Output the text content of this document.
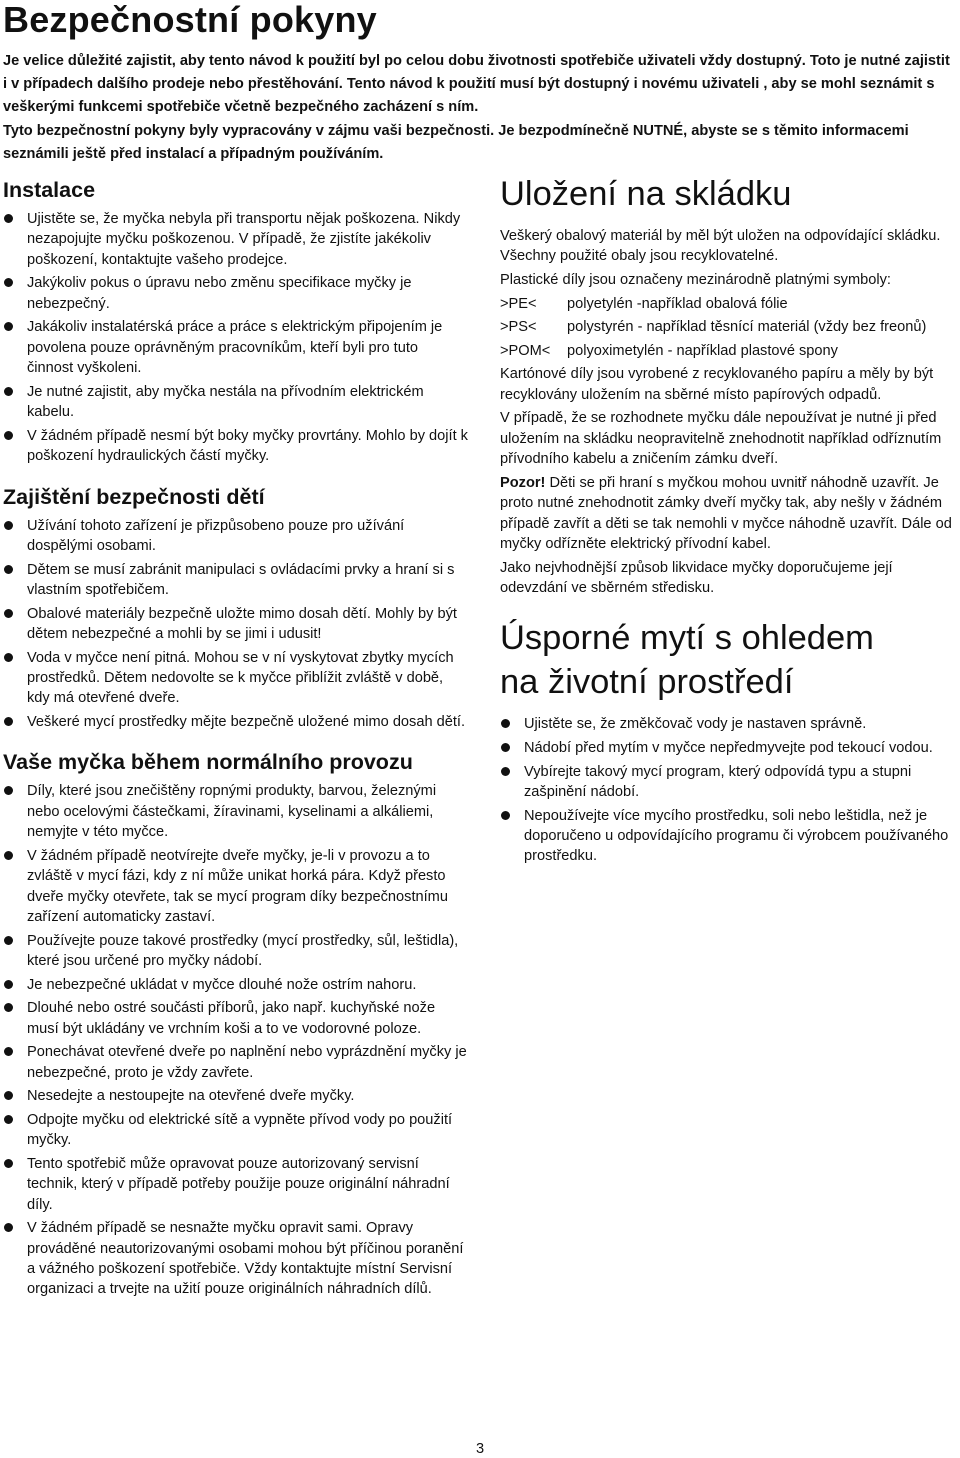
Bezpečnostní pokyny

Je velice důležité zajistit, aby tento návod k použití byl po celou dobu životnosti spotřebiče uživateli vždy dostupný. Toto je nutné zajistit i v případech dalšího prodeje nebo přestěhování. Tento návod k použití musí být dostupný i novému uživateli , aby se mohl seznámit s veškerými funkcemi spotřebiče včetně bezpečného zacházení s ním.

Tyto bezpečnostní pokyny byly vypracovány v zájmu vaši bezpečnosti. Je bezpodmínečně NUTNÉ, abyste se s těmito informacemi seznámili ještě před instalací a případným používáním.

Instalace
Ujistěte se, že myčka nebyla při transportu nějak poškozena. Nikdy nezapojujte myčku poškozenou. V případě, že zjistíte jakékoliv poškození, kontaktujte vašeho prodejce.
Jakýkoliv pokus o úpravu nebo změnu specifikace myčky je nebezpečný.
Jakákoliv instalatérská práce a práce s elektrickým připojením je povolena pouze oprávněným pracovníkům, kteří byli pro tuto činnost vyškoleni.
Je nutné zajistit, aby myčka nestála na přívodním elektrickém kabelu.
V žádném případě nesmí být boky myčky provrtány. Mohlo by dojít k poškození hydraulických částí myčky.
Zajištění bezpečnosti dětí
Užívání tohoto zařízení je přizpůsobeno pouze pro užívání dospělými osobami.
Dětem se musí zabránit manipulaci s ovládacími prvky a hraní si s vlastním spotřebičem.
Obalové materiály bezpečně uložte mimo dosah dětí. Mohly by být dětem nebezpečné a mohli by se jimi i udusit!
Voda v myčce není pitná. Mohou se v ní vyskytovat zbytky mycích prostředků. Dětem nedovolte se k myčce přiblížit zvláště v době, kdy má otevřené dveře.
Veškeré mycí prostředky mějte bezpečně uložené mimo dosah dětí.
Vaše myčka během normálního provozu
Díly, které jsou znečištěny ropnými produkty, barvou, železnými nebo ocelovými částečkami, žíravinami, kyselinami a alkáliemi, nemyjte v této myčce.
V žádném případě neotvírejte dveře myčky, je-li v provozu a to zvláště v mycí fázi, kdy z ní může unikat horká pára. Když přesto dveře myčky otevřete, tak se mycí program díky bezpečnostnímu zařízení automaticky zastaví.
Používejte pouze takové prostředky (mycí prostředky, sůl, leštidla), které jsou určené pro myčky nádobí.
Je nebezpečné ukládat v myčce dlouhé nože ostrím nahoru.
Dlouhé nebo ostré součásti příborů, jako např. kuchyňské nože musí být ukládány ve vrchním koši a to ve vodorovné poloze.
Ponechávat otevřené dveře po naplnění nebo vyprázdnění myčky je nebezpečné, proto je vždy zavřete.
Nesedejte a nestoupejte na otevřené dveře myčky.
Odpojte myčku od elektrické sítě a vypněte přívod vody po použití myčky.
Tento spotřebič může opravovat pouze autorizovaný servisní technik, který v případě potřeby použije pouze originální náhradní díly.
V žádném případě se nesnažte myčku opravit sami. Opravy prováděné neautorizovanými osobami mohou být příčinou poranění a vážného poškození spotřebiče. Vždy kontaktujte místní Servisní organizaci a trvejte na užití pouze originálních náhradních dílů.
Uložení na skládku

Veškerý obalový materiál by měl být uložen na odpovídající skládku. Všechny použité obaly jsou recyklovatelné.

Plastické díly jsou označeny mezinárodně platnými symboly:

>PE<	polyetylén -například obalová fólie
>PS<	polystyrén - například těsnící materiál (vždy bez freonů)
>POM<	polyoximetylén - například plastové spony

Kartónové díly jsou vyrobené z recyklovaného papíru a měly by být recyklovány uložením na sběrné místo papírových odpadů.

V případě, že se rozhodnete myčku dále nepoužívat je nutné ji před uložením na skládku neopravitelně znehodnotit například odříznutím přívodního kabelu a zničením zámku dveří.

Pozor! Děti se při hraní s myčkou mohou uvnitř náhodně uzavřít. Je proto nutné znehodnotit zámky dveří myčky tak, aby nešly v žádném případě zavřít a děti se tak nemohli v myčce náhodně uzavřít. Dále od myčky odřízněte elektrický přívodní kabel.

Jako nejvhodnější způsob likvidace myčky doporučujeme její odevzdání ve sběrném středisku.

Úsporné mytí s ohledem
na životní prostředí
Ujistěte se, že změkčovač vody je nastaven správně.
Nádobí před mytím v myčce nepředmyvejte pod tekoucí vodou.
Vybírejte takový mycí program, který odpovídá typu a stupni zašpinění nádobí.
Nepoužívejte více mycího prostředku, soli nebo leštidla, než je doporučeno u odpovídajícího programu či výrobcem používaného prostředku.
3
